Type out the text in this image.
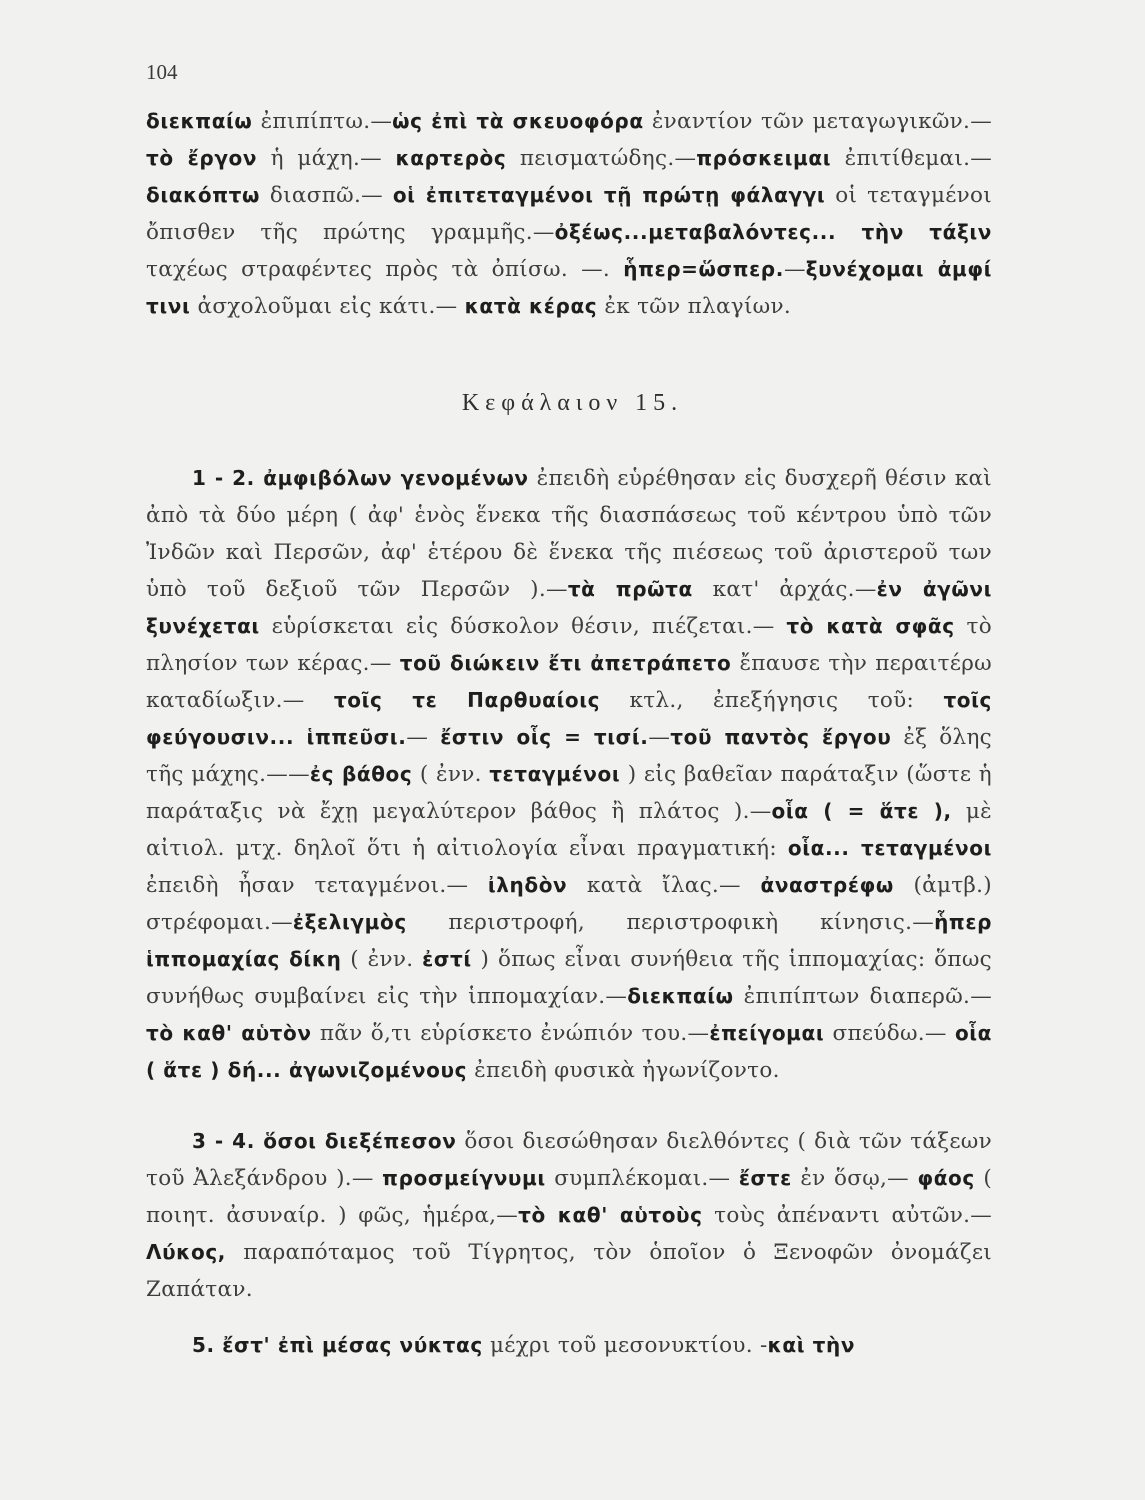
104

διεκπαίω ἐπιπίπτω.—ὡς ἐπὶ τὰ σκευοφόρα ἐναντίον τῶν μεταγωγικῶν.— τὸ ἔργον ἡ μάχη.— καρτερὸς πεισματώδης.—πρόσκειμαι ἐπιτίθεμαι.—διακόπτω διασπῶ.— οἱ ἐπιτεταγμένοι τῇ πρώτῃ φάλαγγι οἱ τεταγμένοι ὄπισθεν τῆς πρώτης γραμμῆς.—ὀξέως...μεταβαλόντες... τὴν τάξιν ταχέως στραφέντες πρὸς τὰ ὀπίσω. —. ἧπερ=ὥσπερ.—ξυνέχομαι ἀμφί τινι ἀσχολοῦμαι εἰς κάτι.— κατὰ κέρας ἐκ τῶν πλαγίων.

Κεφάλαιον 15.

1 - 2. ἀμφιβόλων γενομένων ἐπειδὴ εὑρέθησαν εἰς δυσχερῆ θέσιν καὶ ἀπὸ τὰ δύο μέρη ( ἀφ' ἑνὸς ἕνεκα τῆς διασπάσεως τοῦ κέντρου ὑπὸ τῶν Ἰνδῶν καὶ Περσῶν, ἀφ' ἑτέρου δὲ ἕνεκα τῆς πιέσεως τοῦ ἀριστεροῦ των ὑπὸ τοῦ δεξιοῦ τῶν Περσῶν ).—τὰ πρῶτα κατ' ἀρχάς.—ἐν ἀγῶνι ξυνέχεται εὑρίσκεται εἰς δύσκολον θέσιν, πιέζεται.— τὸ κατὰ σφᾶς τὸ πλησίον των κέρας.— τοῦ διώκειν ἔτι ἀπετράπετο ἔπαυσε τὴν περαιτέρω καταδίωξιν.— τοῖς τε Παρθυαίοις κτλ., ἐπεξήγησις τοῦ: τοῖς φεύγουσιν... ἱππεῦσι.— ἔστιν οἷς = τισί.—τοῦ παντὸς ἔργου ἐξ ὅλης τῆς μάχης.——ἐς βάθος ( ἐνν. τεταγμένοι ) εἰς βαθεῖαν παράταξιν (ὥστε ἡ παράταξις νὰ ἔχῃ μεγαλύτερον βάθος ἢ πλάτος ).—οἷα ( = ἅτε ), μὲ αἰτιολ. μτχ. δηλοῖ ὅτι ἡ αἰτιολογία εἶναι πραγματική: οἷα... τεταγμένοι ἐπειδὴ ἦσαν τεταγμένοι.— ἰληδὸν κατὰ ἴλας.— ἀναστρέφω (ἀμτβ.) στρέφομαι.—ἐξελιγμὸς περιστροφή, περιστροφικὴ κίνησις.—ἧπερ ἱππομαχίας δίκη ( ἐνν. ἐστί ) ὅπως εἶναι συνήθεια τῆς ἱππομαχίας: ὅπως συνήθως συμβαίνει εἰς τὴν ἱππομαχίαν.—διεκπαίω ἐπιπίπτων διαπερῶ.— τὸ καθ' αὑτὸν πᾶν ὅ,τι εὑρίσκετο ἐνώπιόν του.—ἐπείγομαι σπεύδω.— οἷα ( ἅτε ) δή... ἀγωνιζομένους ἐπειδὴ φυσικὰ ἠγωνίζοντο.

3 - 4. ὅσοι διεξέπεσον ὅσοι διεσώθησαν διελθόντες ( διὰ τῶν τάξεων τοῦ Ἀλεξάνδρου ).— προσμείγνυμι συμπλέκομαι.— ἔστε ἐν ὅσῳ,— φάος ( ποιητ. ἀσυναίρ. ) φῶς, ἡμέρα,—τὸ καθ' αὑτοὺς τοὺς ἀπέναντι αὐτῶν.—Λύκος, παραπόταμος τοῦ Τίγρητος, τὸν ὁποῖον ὁ Ξενοφῶν ὀνομάζει Ζαπάταν.

5. ἔστ' ἐπὶ μέσας νύκτας μέχρι τοῦ μεσονυκτίου. -καὶ τὴν
